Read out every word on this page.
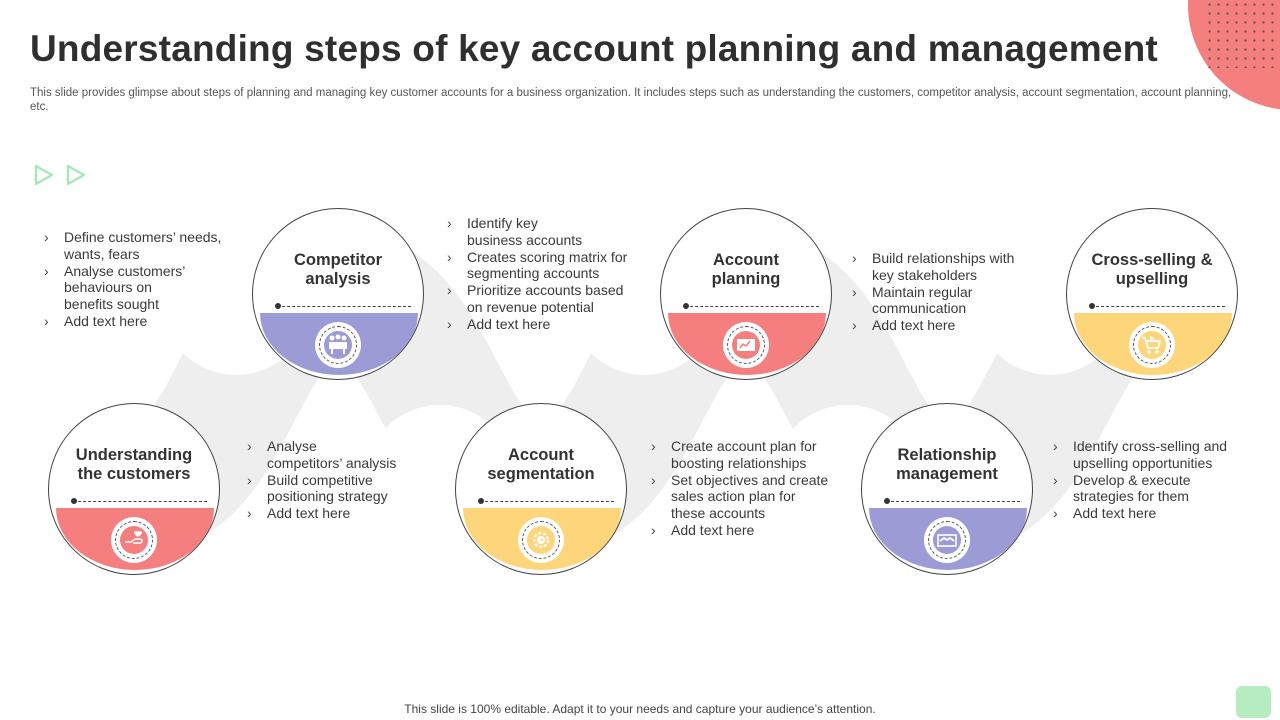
Understanding steps of key account planning and management

This slide provides glimpse about steps of planning and managing key customer accounts for a business organization. It includes steps such as understanding the customers, competitor analysis, account segmentation, account planning, etc.

Understanding
the customers
Competitor
analysis
Account
segmentation
Account
planning
Relationship
management
Cross-selling &
upselling
› Define customers’ needs,
wants, fears
› Analyse customers’
behaviours on
benefits sought
› Add text here
› Analyse
competitors’ analysis
› Build competitive
positioning strategy
› Add text here
› Identify key
business accounts
› Creates scoring matrix for
segmenting accounts
› Prioritize accounts based
on revenue potential
› Add text here
› Create account plan for
boosting relationships
› Set objectives and create
sales action plan for
these accounts
› Add text here
› Build relationships with
key stakeholders
› Maintain regular
communication
› Add text here
› Identify cross-selling and
upselling opportunities
› Develop & execute
strategies for them
› Add text here
This slide is 100% editable. Adapt it to your needs and capture your audience’s attention.
